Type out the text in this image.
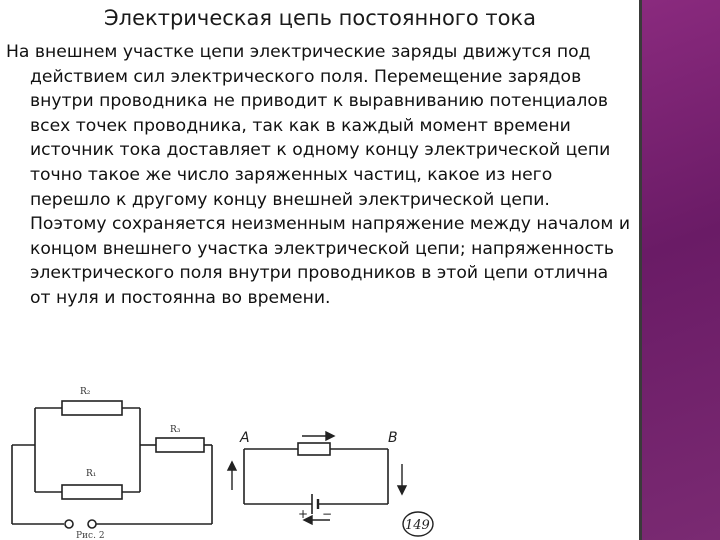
Электрическая цепь постоянного тока
На внешнем участке цепи электрические заряды движутся под
действием сил электрического поля. Перемещение зарядов
внутри проводника не приводит к выравниванию потенциалов
всех точек проводника, так как в каждый момент времени
источник тока доставляет к одному концу электрической цепи
точно такое же число заряженных частиц, какое из него
перешло к другому концу внешней электрической цепи.
Поэтому сохраняется неизменным напряжение между началом и
концом внешнего участка электрической цепи; напряженность
электрического поля внутри проводников в этой цепи отлична
от нуля и постоянна во времени.
R₂
R₃
R₁
Рис. 2
A	B
+ −
149
